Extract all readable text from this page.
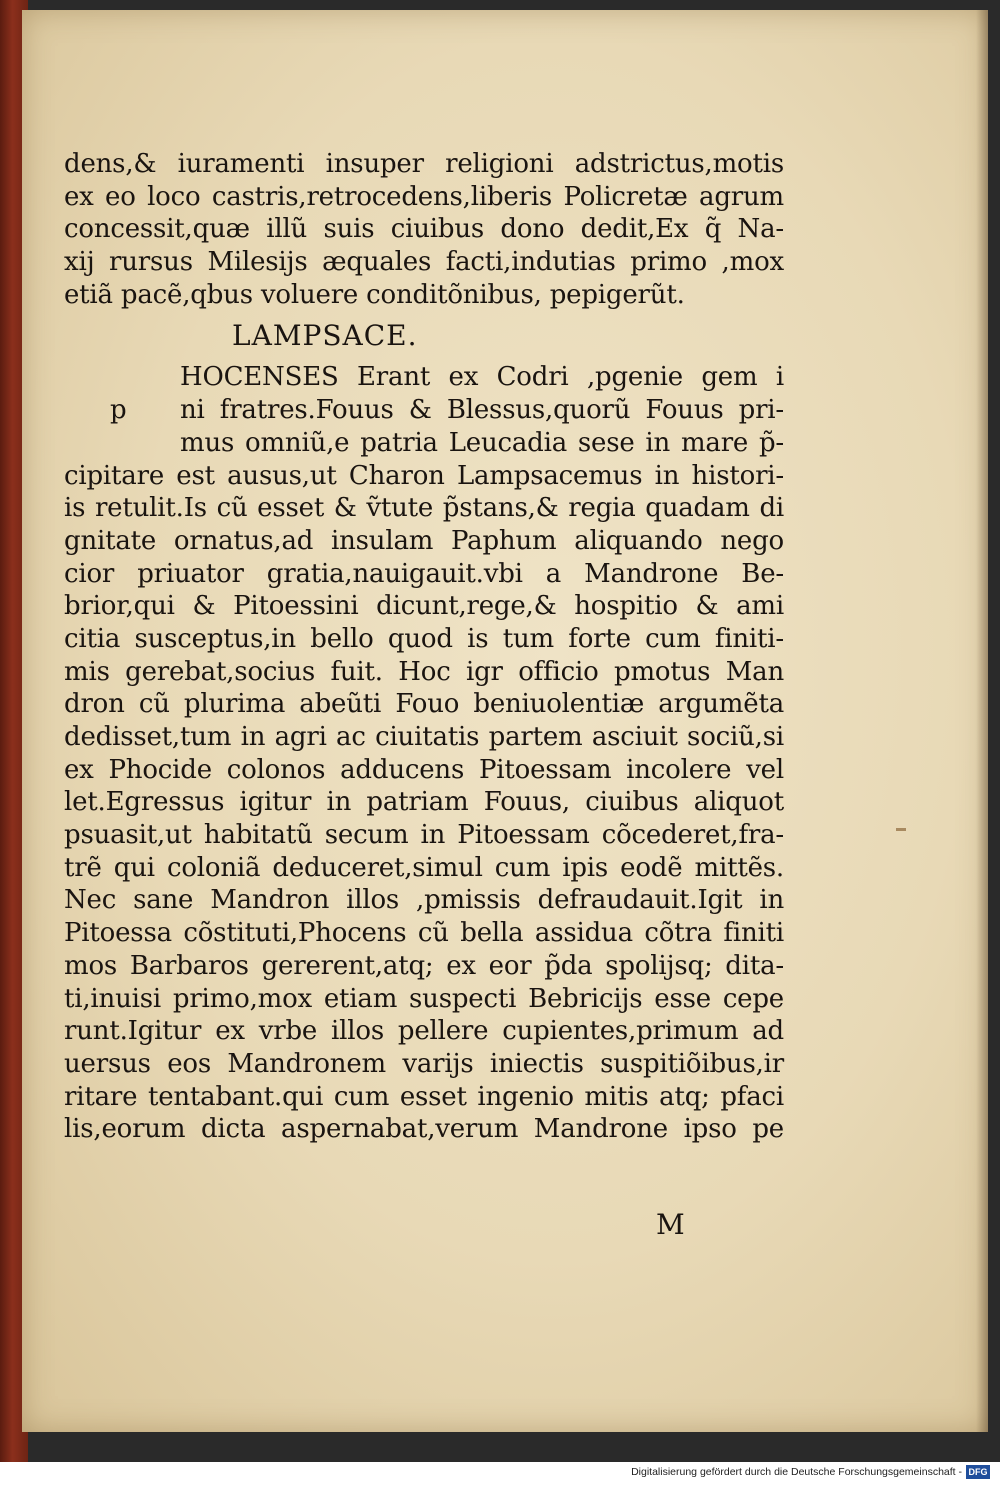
dens,& iuramenti insuper religioni adstrictus,motis
ex eo loco castris,retrocedens,liberis Policretæ agrum
concessit,quæ illũ suis ciuibus dono dedit,Ex q̃ Na-
xij rursus Milesijs æquales facti,indutias primo ,mox
etiã pacẽ,qbus voluere conditõnibus, pepigerũt.
LAMPSACE.
HOCENSES Erant ex Codri ,pgenie gem i
p ni fratres.Fouus & Blessus,quorũ Fouus pri-
mus omniũ,e patria Leucadia sese in mare p̃-
cipitare est ausus,ut Charon Lampsacemus in histori-
is retulit.Is cũ esset & ṽtute p̃stans,& regia quadam di
gnitate ornatus,ad insulam Paphum aliquando nego
cior priuator gratia,nauigauit.vbi a Mandrone Be-
brior,qui & Pitoessini dicunt,rege,& hospitio & ami
citia susceptus,in bello quod is tum forte cum finiti-
mis gerebat,socius fuit. Hoc igr officio pmotus Man
dron cũ plurima abeũti Fouo beniuolentiæ argumẽta
dedisset,tum in agri ac ciuitatis partem asciuit sociũ,si
ex Phocide colonos adducens Pitoessam incolere vel
let.Egressus igitur in patriam Fouus, ciuibus aliquot
psuasit,ut habitatũ secum in Pitoessam cõcederet,fra-
trẽ qui coloniã deduceret,simul cum ipis eodẽ mittẽs.
Nec sane Mandron illos ,pmissis defraudauit.Igit in
Pitoessa cõstituti,Phocens cũ bella assidua cõtra finiti
mos Barbaros gererent,atq; ex eor p̃da spolijsq; dita-
ti,inuisi primo,mox etiam suspecti Bebricijs esse cepe
runt.Igitur ex vrbe illos pellere cupientes,primum ad
uersus eos Mandronem varijs iniectis suspitiõibus,ir
ritare tentabant.qui cum esset ingenio mitis atq; pfaci
lis,eorum dicta aspernabat,verum Mandrone ipso pe
M
Digitalisierung gefördert durch die Deutsche Forschungsgemeinschaft - DFG
